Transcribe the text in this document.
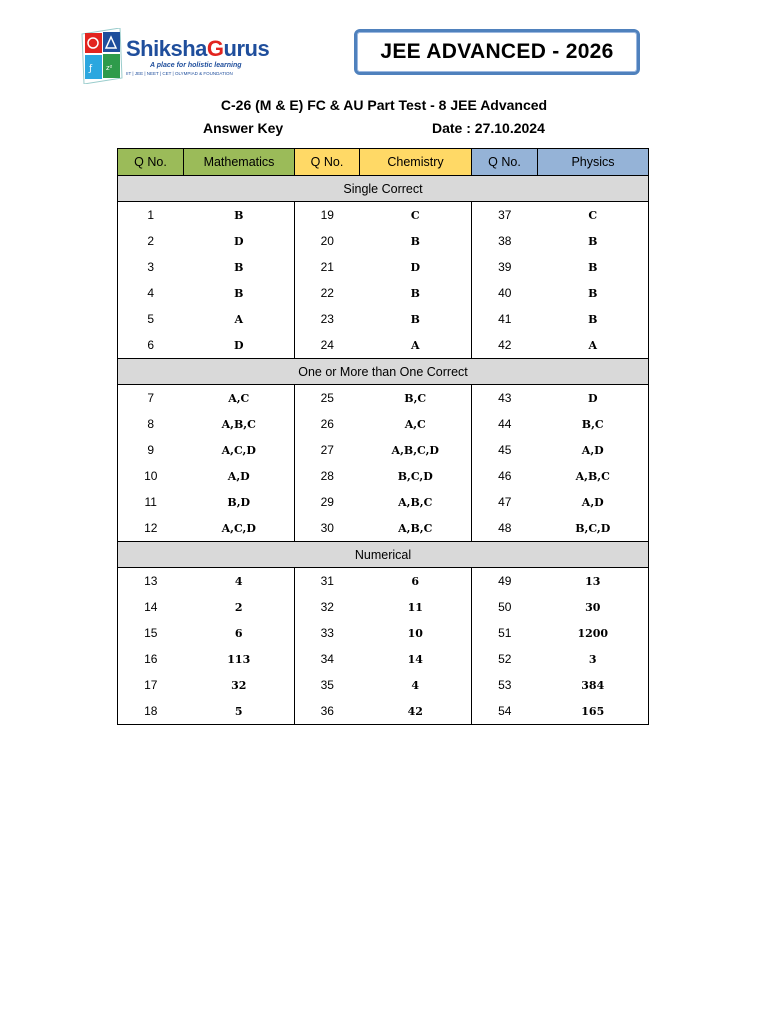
ƒ z²
ShikshaGurus
A place for holistic learning
IIT | JEE | NEET | CET | OLYMPIAD & FOUNDATION
JEE ADVANCED - 2026
C-26 (M & E) FC & AU Part Test - 8 JEE Advanced
Answer Key	Date : 27.10.2024
Q No.	Mathematics	Q No.	Chemistry	Q No.	Physics
Single Correct					
1	B	19	C	37	C
2	D	20	B	38	B
3	B	21	D	39	B
4	B	22	B	40	B
5	A	23	B	41	B
6	D	24	A	42	A
One or More than One Correct					
7	A,C	25	B,C	43	D
8	A,B,C	26	A,C	44	B,C
9	A,C,D	27	A,B,C,D	45	A,D
10	A,D	28	B,C,D	46	A,B,C
11	B,D	29	A,B,C	47	A,D
12	A,C,D	30	A,B,C	48	B,C,D
Numerical					
13	4	31	6	49	13
14	2	32	11	50	30
15	6	33	10	51	1200
16	113	34	14	52	3
17	32	35	4	53	384
18	5	36	42	54	165
